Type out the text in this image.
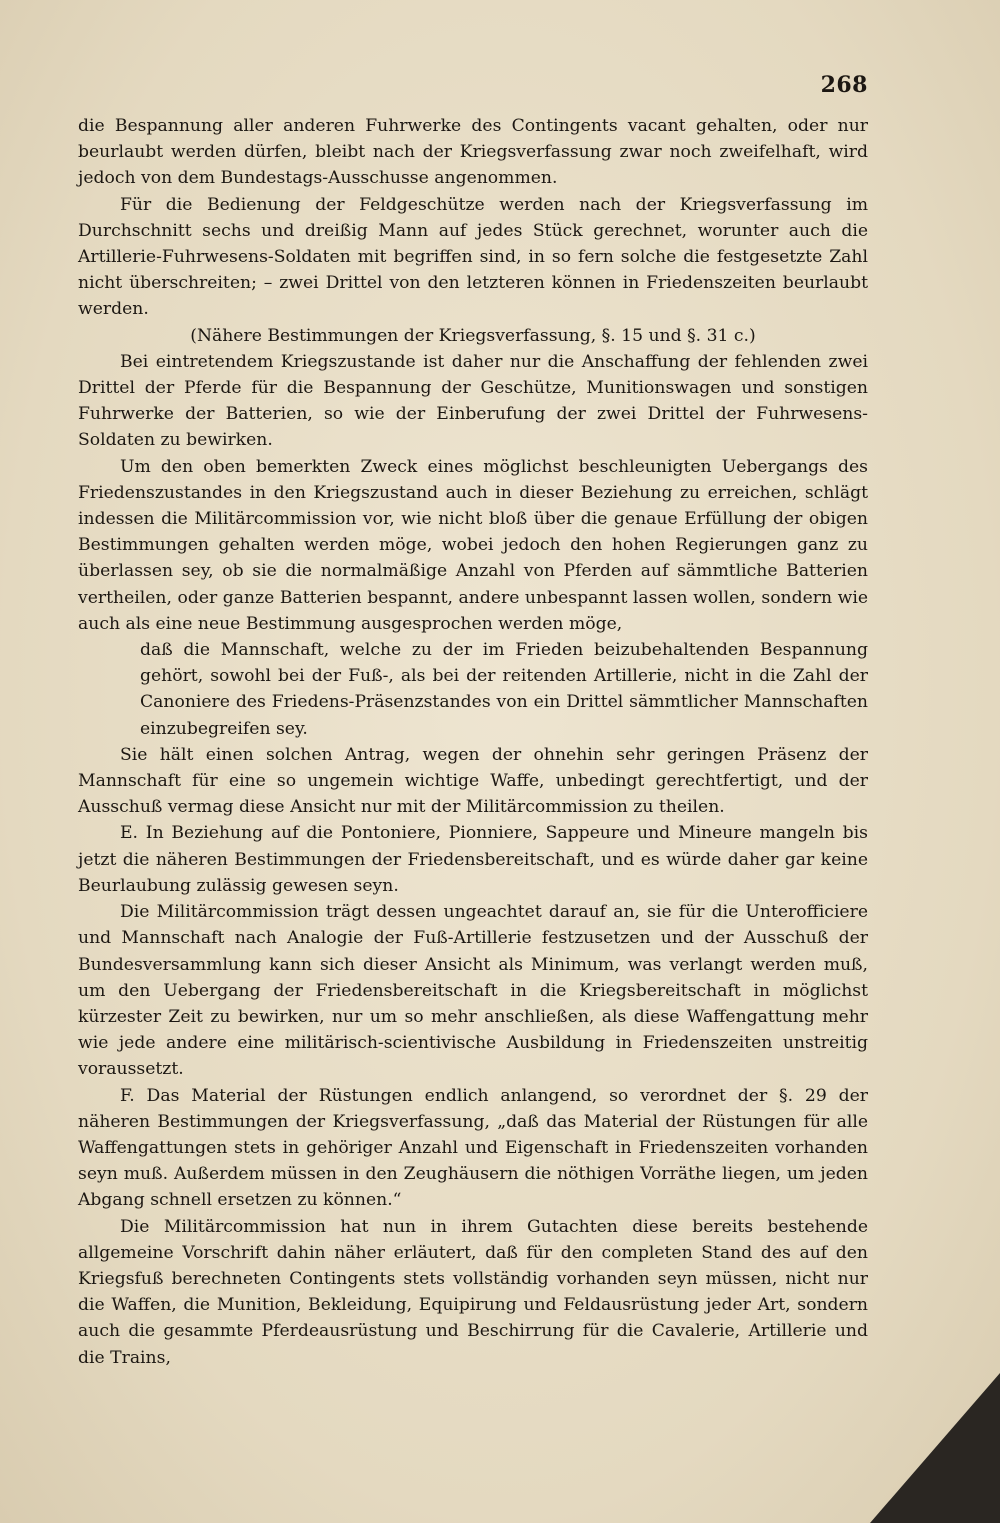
268

die Bespannung aller anderen Fuhrwerke des Contingents vacant gehalten, oder nur beurlaubt werden dürfen, bleibt nach der Kriegsverfassung zwar noch zweifelhaft, wird jedoch von dem Bundestags-Ausschusse angenommen.

Für die Bedienung der Feldgeschütze werden nach der Kriegsverfassung im Durchschnitt sechs und dreißig Mann auf jedes Stück gerechnet, worunter auch die Artillerie-Fuhrwesens-Soldaten mit begriffen sind, in so fern solche die festgesetzte Zahl nicht überschreiten; – zwei Drittel von den letzteren können in Friedenszeiten beurlaubt werden.

(Nähere Bestimmungen der Kriegsverfassung, §. 15 und §. 31 c.)

Bei eintretendem Kriegszustande ist daher nur die Anschaffung der fehlenden zwei Drittel der Pferde für die Bespannung der Geschütze, Munitionswagen und sonstigen Fuhrwerke der Batterien, so wie der Einberufung der zwei Drittel der Fuhrwesens-Soldaten zu bewirken.

Um den oben bemerkten Zweck eines möglichst beschleunigten Uebergangs des Friedenszustandes in den Kriegszustand auch in dieser Beziehung zu erreichen, schlägt indessen die Militärcommission vor, wie nicht bloß über die genaue Erfüllung der obigen Bestimmungen gehalten werden möge, wobei jedoch den hohen Regierungen ganz zu überlassen sey, ob sie die normalmäßige Anzahl von Pferden auf sämmtliche Batterien vertheilen, oder ganze Batterien bespannt, andere unbespannt lassen wollen, sondern wie auch als eine neue Bestimmung ausgesprochen werden möge,

daß die Mannschaft, welche zu der im Frieden beizubehaltenden Bespannung gehört, sowohl bei der Fuß-, als bei der reitenden Artillerie, nicht in die Zahl der Canoniere des Friedens-Präsenzstandes von ein Drittel sämmtlicher Mannschaften einzubegreifen sey.

Sie hält einen solchen Antrag, wegen der ohnehin sehr geringen Präsenz der Mannschaft für eine so ungemein wichtige Waffe, unbedingt gerechtfertigt, und der Ausschuß vermag diese Ansicht nur mit der Militärcommission zu theilen.

E. In Beziehung auf die Pontoniere, Pionniere, Sappeure und Mineure mangeln bis jetzt die näheren Bestimmungen der Friedensbereitschaft, und es würde daher gar keine Beurlaubung zulässig gewesen seyn.

Die Militärcommission trägt dessen ungeachtet darauf an, sie für die Unterofficiere und Mannschaft nach Analogie der Fuß-Artillerie festzusetzen und der Ausschuß der Bundesversammlung kann sich dieser Ansicht als Minimum, was verlangt werden muß, um den Uebergang der Friedensbereitschaft in die Kriegsbereitschaft in möglichst kürzester Zeit zu bewirken, nur um so mehr anschließen, als diese Waffengattung mehr wie jede andere eine militärisch-scientivische Ausbildung in Friedenszeiten unstreitig voraussetzt.

F. Das Material der Rüstungen endlich anlangend, so verordnet der §. 29 der näheren Bestimmungen der Kriegsverfassung, „daß das Material der Rüstungen für alle Waffengattungen stets in gehöriger Anzahl und Eigenschaft in Friedenszeiten vorhanden seyn muß. Außerdem müssen in den Zeughäusern die nöthigen Vorräthe liegen, um jeden Abgang schnell ersetzen zu können.“

Die Militärcommission hat nun in ihrem Gutachten diese bereits bestehende allgemeine Vorschrift dahin näher erläutert, daß für den completen Stand des auf den Kriegsfuß berechneten Contingents stets vollständig vorhanden seyn müssen, nicht nur die Waffen, die Munition, Bekleidung, Equipirung und Feldausrüstung jeder Art, sondern auch die gesammte Pferdeausrüstung und Beschirrung für die Cavalerie, Artillerie und die Trains,
